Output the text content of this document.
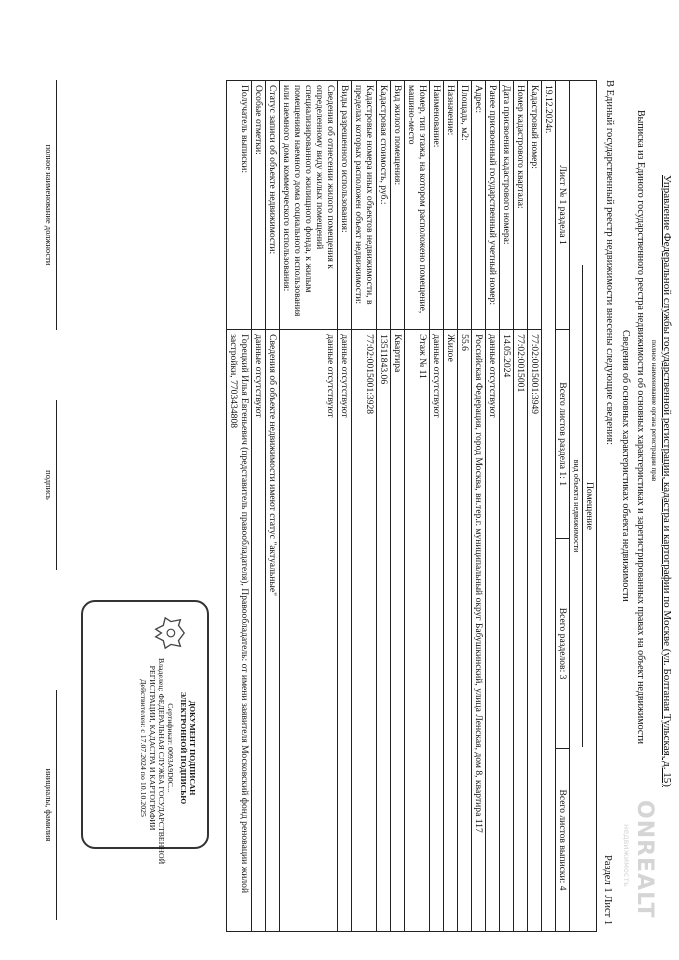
ONREALT
недвижимость
Управление Федеральной службы государственной регистрации, кадастра и картографии по Москве (ул. Болтаная Тульская, д. 15)
полное наименование органа регистрации прав
Выписка из Единого государственного реестра недвижимости об основных характеристиках и зарегистрированных правах на объект недвижимости
Сведения об основных характеристиках объекта недвижимости
В Единый государственный реестр недвижимости внесены следующие сведения:
Раздел 1 Лист 1
Помещение
вид объекта недвижимости			

Лист № 1 раздела 1	Всего листов раздела 1: 1	Всего разделов: 3	Всего листов выписки: 4
19.12.2024г.			
Кадастровый номер:	77:02:0015001:3949		
Номер кадастрового квартала:	77:02:0015001		
Дата присвоения кадастрового номера:	14.05.2024		
Ранее присвоенный государственный учетный номер:	данные отсутствуют		
Адрес:	Российская Федерация, город Москва, вн.тер.г. муниципальный округ Бабушкинский, улица Ленская, дом 8, квартира 117		
Площадь, м2:	55.6		
Назначение:	Жилое		
Наименование:	данные отсутствуют		
Номер, тип этажа, на котором расположено помещение, машино-место	Этаж № 11		
Вид жилого помещения:	Квартира		
Кадастровая стоимость, руб.:	13511843.06		
Кадастровые номера иных объектов недвижимости, в пределах которых расположен объект недвижимости:	77:02:0015001:3928		
Виды разрешенного использования:	данные отсутствуют		
Сведения об отнесении жилого помещения к определенному виду жилых помещений специализированного жилищного фонда, к жилым помещениям наемного дома социального использования или наемного дома коммерческого использования:	данные отсутствуют		
Статус записи об объекте недвижимости:	Сведения об объекте недвижимости имеют статус "актуальные"		
Особые отметки:	данные отсутствуют		
Получатель выписки:	Горецкий Илья Евгеньевич (представитель правообладателя), Правообладатель: от имени заявителя Московский фонд реновации жилой застройки, 7703434808		
полное наименование должности
подпись
инициалы, фамилия
ДОКУМЕНТ ПОДПИСАН
ЭЛЕКТРОННОЙ ПОДПИСЬЮ
Сертификат: 0093A9D0C...
Владелец: ФЕДЕРАЛЬНАЯ СЛУЖБА ГОСУДАРСТВЕННОЙ
РЕГИСТРАЦИИ, КАДАСТРА И КАРТОГРАФИИ
Действителен: с 17.07.2024 по 10.10.2025
